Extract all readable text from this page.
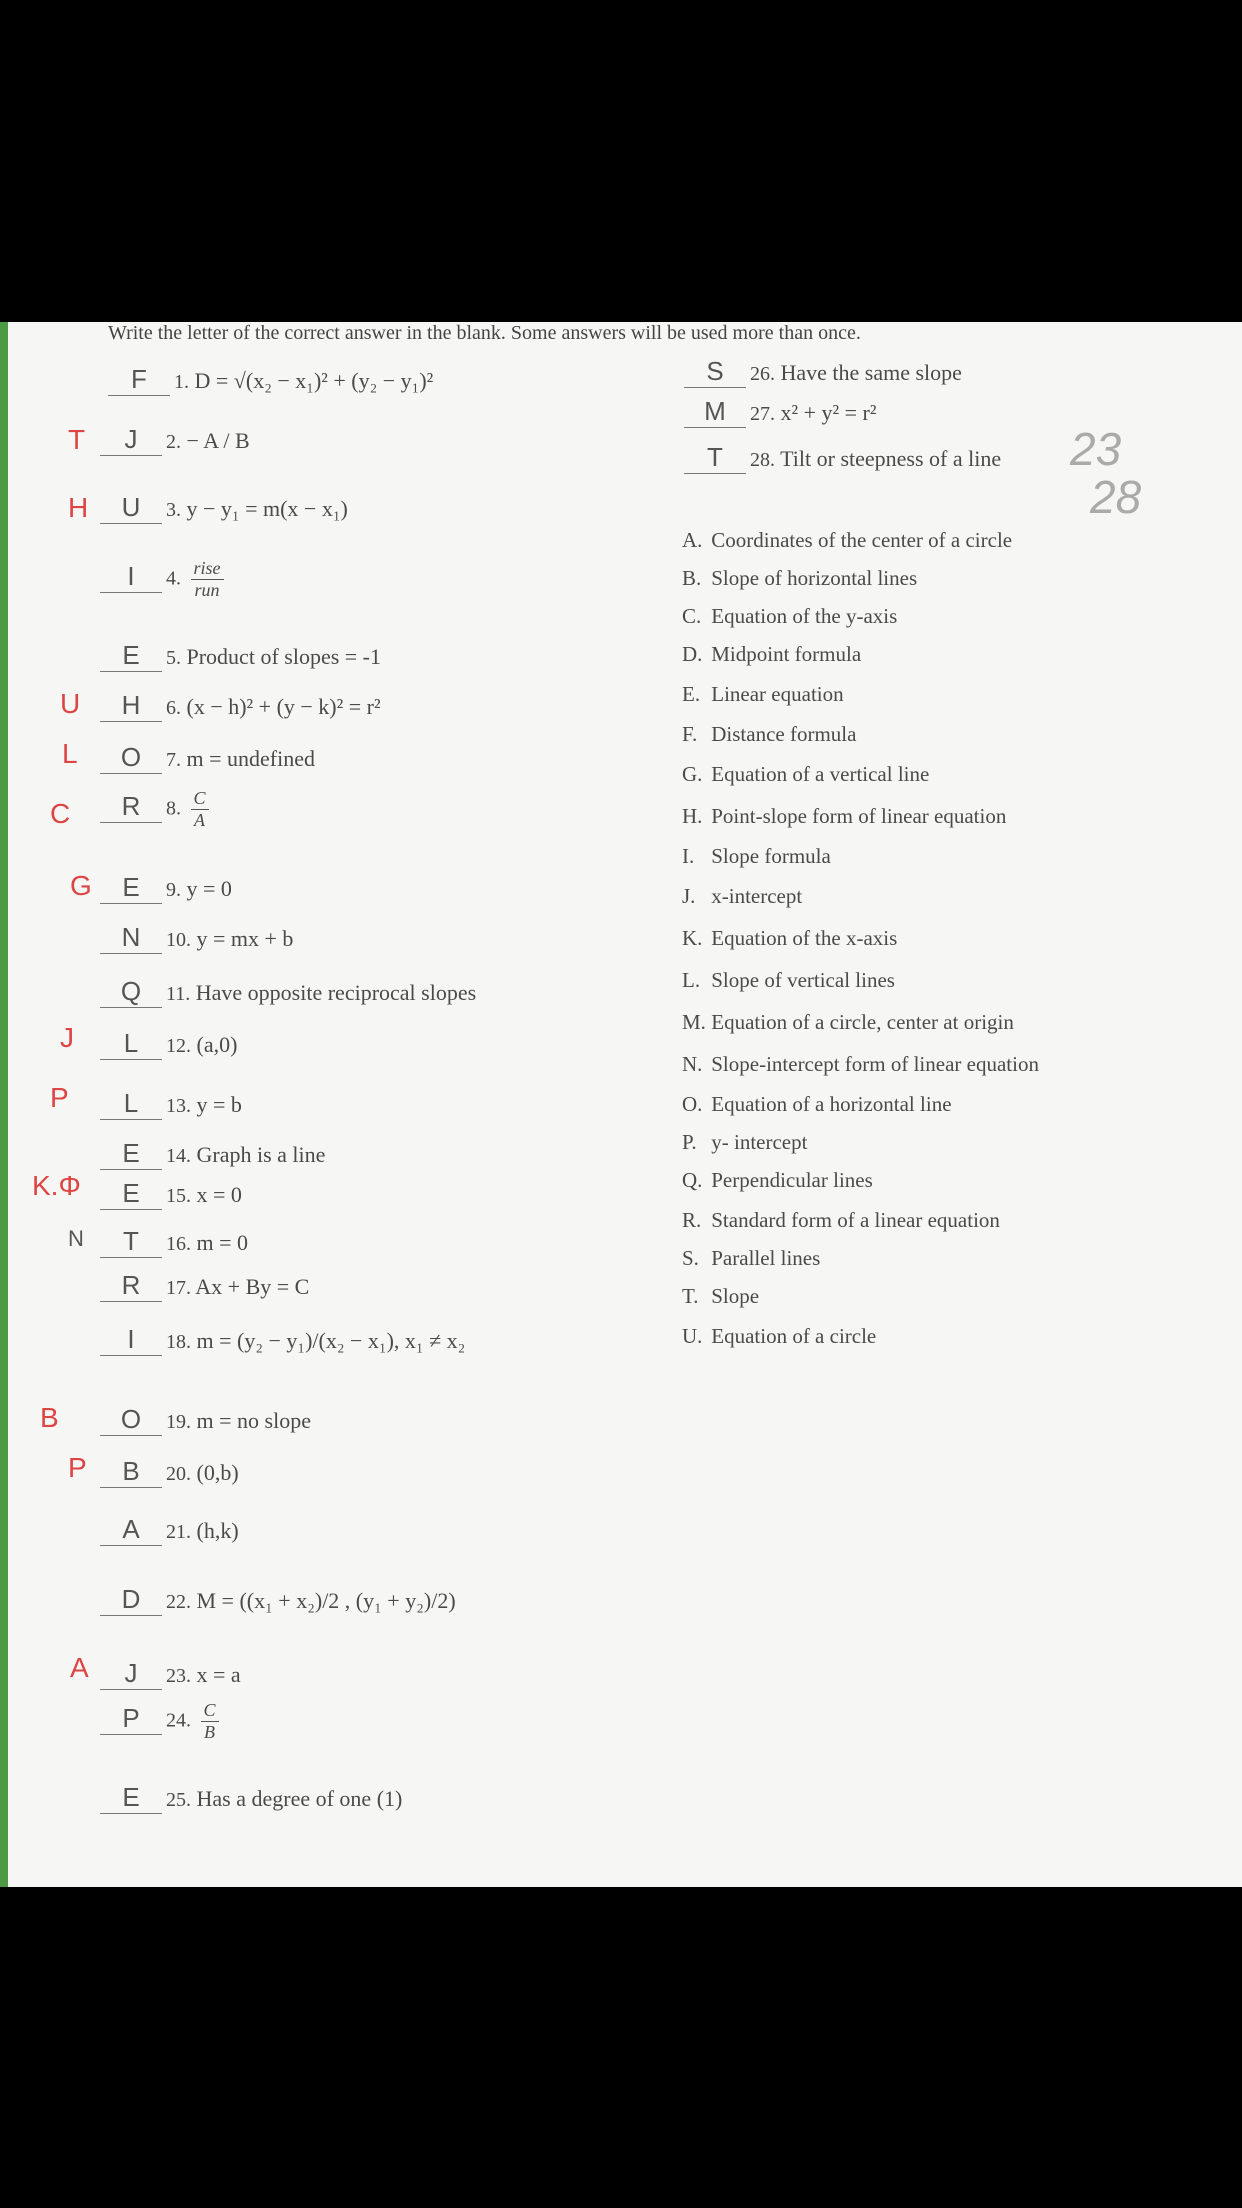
Write the letter of the correct answer in the blank. Some answers will be used more than once.
23
28
F 1. D = √(x₂ − x₁)² + (y₂ − y₁)²
T	J 2. − A / B
H	U 3. y − y₁ = m(x − x₁)
I 4. $\frac{\text{rise}}{\text{run}}$
E 5. Product of slopes = -1
U	H 6. (x − h)² + (y − k)² = r²
L	O 7. m = undefined
C	R 8. $\frac{C}{A}$
G	E 9. y = 0
N 10. y = mx + b
Q 11. Have opposite reciprocal slopes
J	L 12. (a,0)
P	L 13. y = b
E 14. Graph is a line
K.Φ	E 15. x = 0
N	T 16. m = 0
R 17. Ax + By = C
I 18. m = (y₂ − y₁)/(x₂ − x₁), x₁ ≠ x₂
B	O 19. m = no slope
P	B 20. (0,b)
A 21. (h,k)
D 22. M = ((x₁ + x₂)/2 , (y₁ + y₂)/2)
A	J 23. x = a
P 24. $\frac{C}{B}$
E 25. Has a degree of one (1)
S 26. Have the same slope
M 27. x² + y² = r²
T 28. Tilt or steepness of a line
A. Coordinates of the center of a circle
B. Slope of horizontal lines
C. Equation of the y-axis
D. Midpoint formula
E. Linear equation
F. Distance formula
G. Equation of a vertical line
H. Point-slope form of linear equation
I. Slope formula
J. x-intercept
K. Equation of the x-axis
L. Slope of vertical lines
M. Equation of a circle, center at origin
N. Slope-intercept form of linear equation
O. Equation of a horizontal line
P. y- intercept
Q. Perpendicular lines
R. Standard form of a linear equation
S. Parallel lines
T. Slope
U. Equation of a circle
